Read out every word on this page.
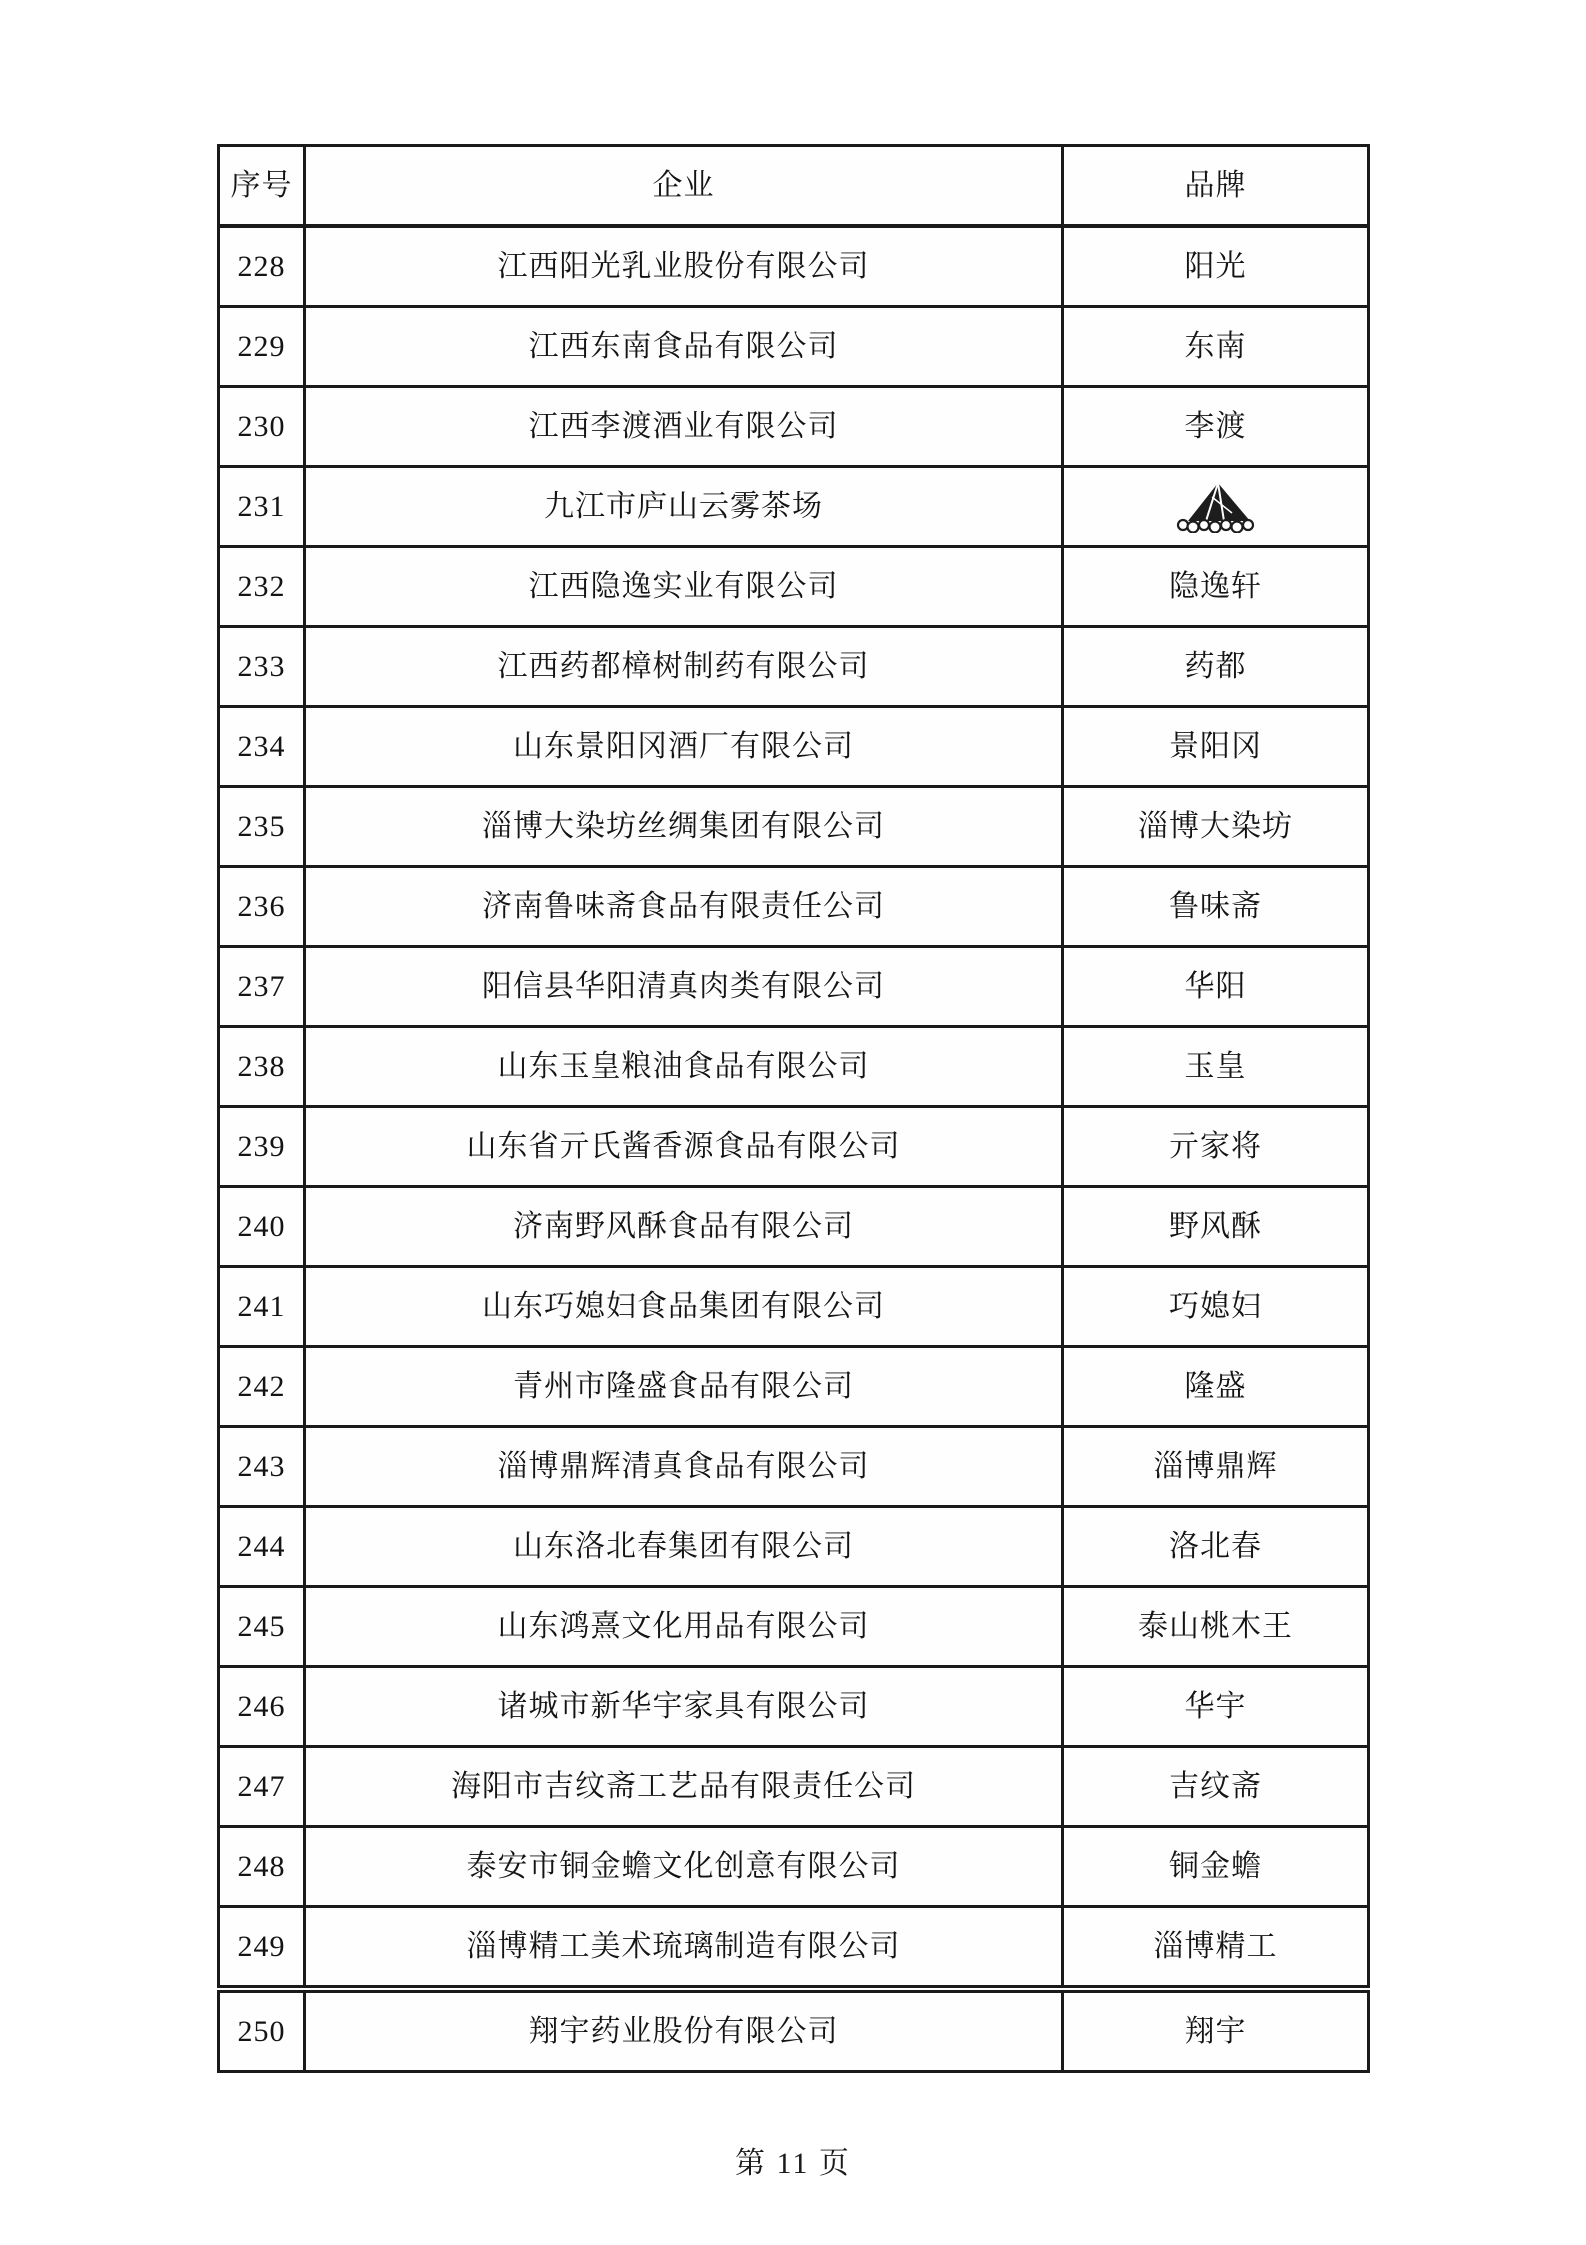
序号	企业	品牌
228	江西阳光乳业股份有限公司	阳光
229	江西东南食品有限公司	东南
230	江西李渡酒业有限公司	李渡
231	九江市庐山云雾茶场	
232	江西隐逸实业有限公司	隐逸轩
233	江西药都樟树制药有限公司	药都
234	山东景阳冈酒厂有限公司	景阳冈
235	淄博大染坊丝绸集团有限公司	淄博大染坊
236	济南鲁味斋食品有限责任公司	鲁味斋
237	阳信县华阳清真肉类有限公司	华阳
238	山东玉皇粮油食品有限公司	玉皇
239	山东省亓氏酱香源食品有限公司	亓家将
240	济南野风酥食品有限公司	野风酥
241	山东巧媳妇食品集团有限公司	巧媳妇
242	青州市隆盛食品有限公司	隆盛
243	淄博鼎辉清真食品有限公司	淄博鼎辉
244	山东洛北春集团有限公司	洛北春
245	山东鸿熹文化用品有限公司	泰山桃木王
246	诸城市新华宇家具有限公司	华宇
247	海阳市吉纹斋工艺品有限责任公司	吉纹斋
248	泰安市铜金蟾文化创意有限公司	铜金蟾
249	淄博精工美术琉璃制造有限公司	淄博精工
250	翔宇药业股份有限公司	翔宇
第 11 页
